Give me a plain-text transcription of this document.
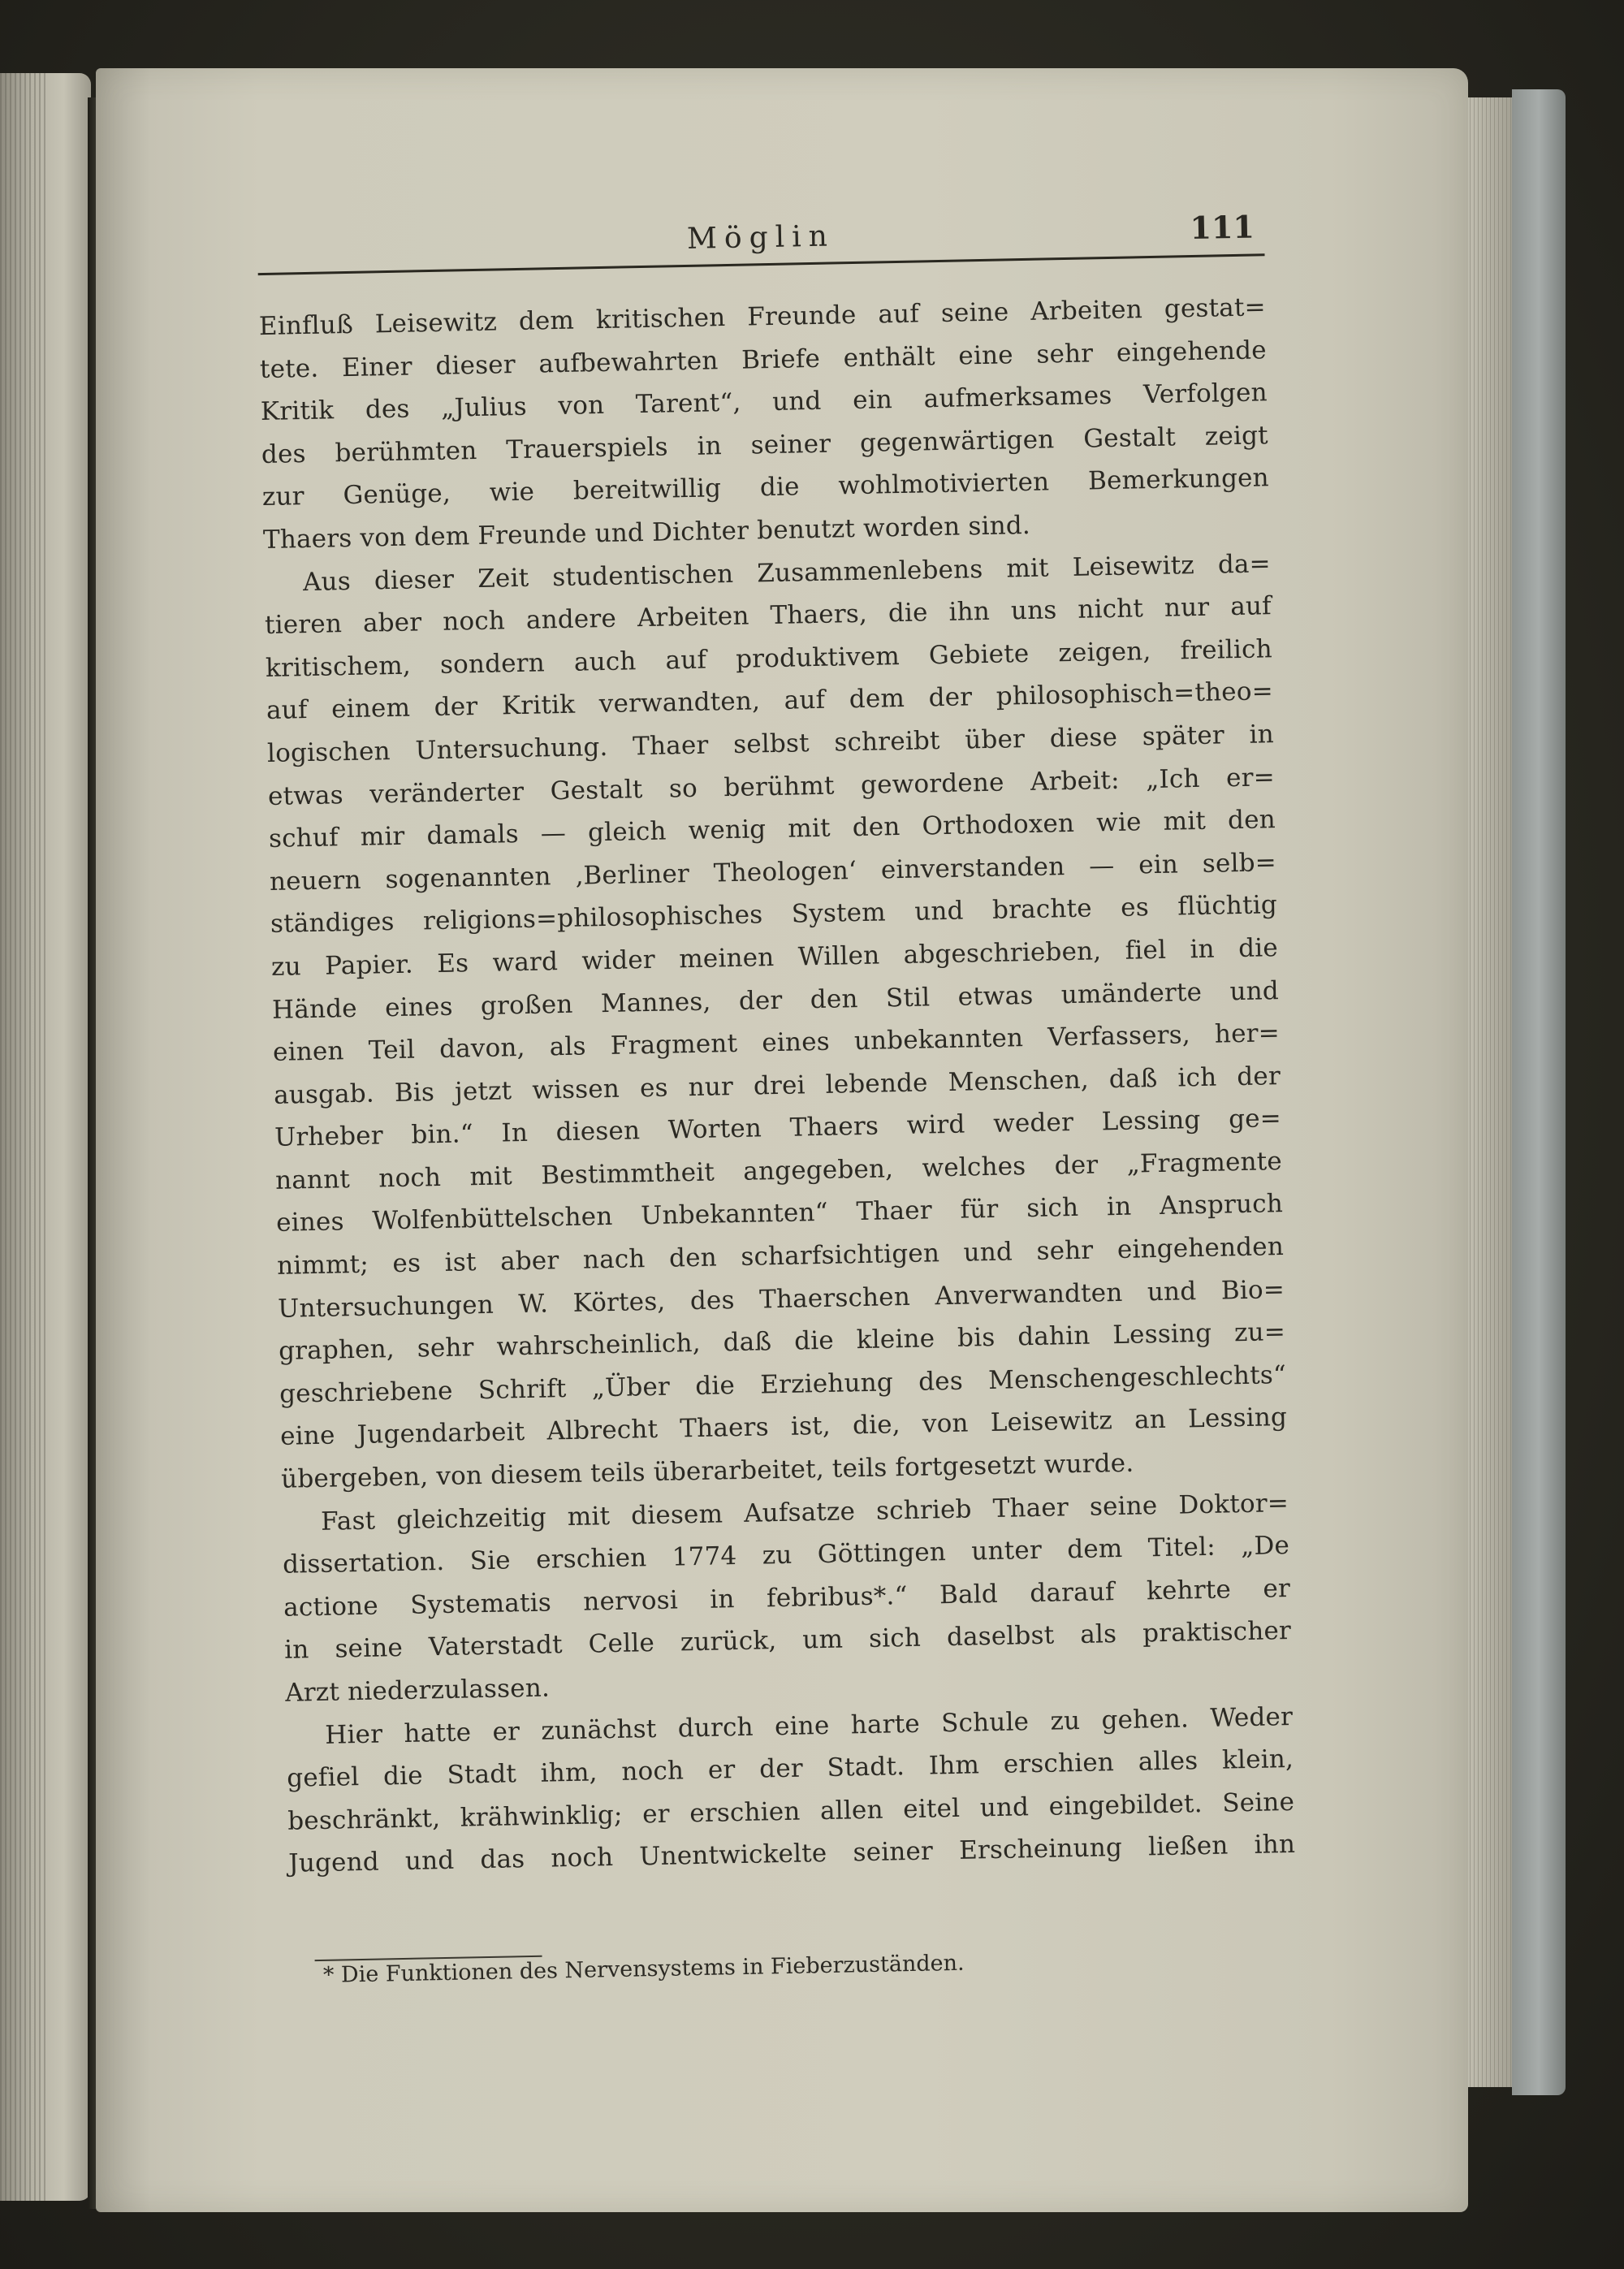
Möglin	111
Einfluß Leisewitz dem kritischen Freunde auf seine Arbeiten gestat=
tete. Einer dieser aufbewahrten Briefe enthält eine sehr eingehende
Kritik des „Julius von Tarent“, und ein aufmerksames Verfolgen
des berühmten Trauerspiels in seiner gegenwärtigen Gestalt zeigt
zur Genüge, wie bereitwillig die wohlmotivierten Bemerkungen
Thaers von dem Freunde und Dichter benutzt worden sind.
Aus dieser Zeit studentischen Zusammenlebens mit Leisewitz da=
tieren aber noch andere Arbeiten Thaers, die ihn uns nicht nur auf
kritischem, sondern auch auf produktivem Gebiete zeigen, freilich
auf einem der Kritik verwandten, auf dem der philosophisch=theo=
logischen Untersuchung. Thaer selbst schreibt über diese später in
etwas veränderter Gestalt so berühmt gewordene Arbeit: „Ich er=
schuf mir damals — gleich wenig mit den Orthodoxen wie mit den
neuern sogenannten ‚Berliner Theologen‘ einverstanden — ein selb=
ständiges religions=philosophisches System und brachte es flüchtig
zu Papier. Es ward wider meinen Willen abgeschrieben, fiel in die
Hände eines großen Mannes, der den Stil etwas umänderte und
einen Teil davon, als Fragment eines unbekannten Verfassers, her=
ausgab. Bis jetzt wissen es nur drei lebende Menschen, daß ich der
Urheber bin.“ In diesen Worten Thaers wird weder Lessing ge=
nannt noch mit Bestimmtheit angegeben, welches der „Fragmente
eines Wolfenbüttelschen Unbekannten“ Thaer für sich in Anspruch
nimmt; es ist aber nach den scharfsichtigen und sehr eingehenden
Untersuchungen W. Körtes, des Thaerschen Anverwandten und Bio=
graphen, sehr wahrscheinlich, daß die kleine bis dahin Lessing zu=
geschriebene Schrift „Über die Erziehung des Menschengeschlechts“
eine Jugendarbeit Albrecht Thaers ist, die, von Leisewitz an Lessing
übergeben, von diesem teils überarbeitet, teils fortgesetzt wurde.
Fast gleichzeitig mit diesem Aufsatze schrieb Thaer seine Doktor=
dissertation. Sie erschien 1774 zu Göttingen unter dem Titel: „De
actione Systematis nervosi in febribus*.“ Bald darauf kehrte er
in seine Vaterstadt Celle zurück, um sich daselbst als praktischer
Arzt niederzulassen.
Hier hatte er zunächst durch eine harte Schule zu gehen. Weder
gefiel die Stadt ihm, noch er der Stadt. Ihm erschien alles klein,
beschränkt, krähwinklig; er erschien allen eitel und eingebildet. Seine
Jugend und das noch Unentwickelte seiner Erscheinung ließen ihn
* Die Funktionen des Nervensystems in Fieberzuständen.
